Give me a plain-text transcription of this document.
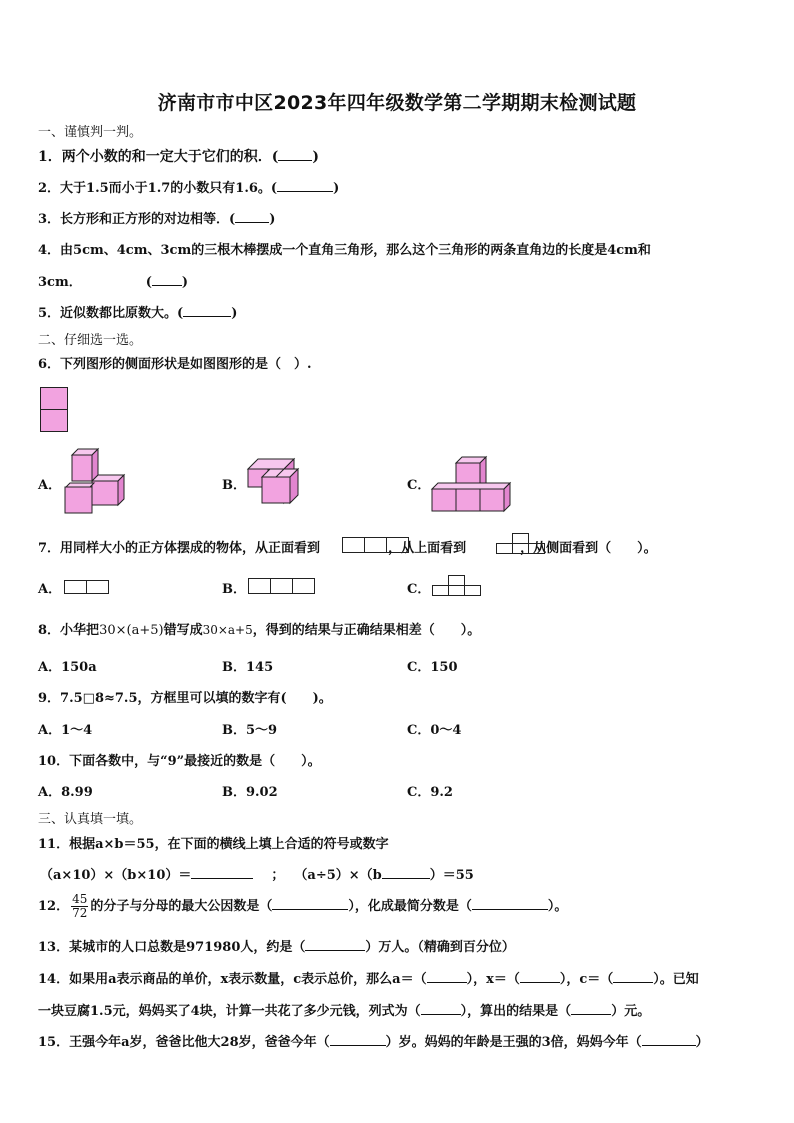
济南市市中区2023年四年级数学第二学期期末检测试题
一、谨慎判一判。
1．两个小数的和一定大于它们的积．( )
2．大于1.5而小于1.7的小数只有1.6。(	)
3．长方形和正方形的对边相等．(	)
4．由5cm、4cm、3cm的三根木棒摆成一个直角三角形，那么这个三角形的两条直角边的长度是4cm和
3cm．	( )
5．近似数都比原数大。(	)
二、仔细选一选。
6．下列图形的侧面形状是如图图形的是（　）.
A．	B．	C．
7．用同样大小的正方体摆成的物体，从正面看到	，从上面看到	，从侧面看到（　　）。
A．	B．	C．
8．小华把30×(a+5)错写成30×a+5，得到的结果与正确结果相差（　　）。
A．150a	B．145	C．150
9．7.5□8≈7.5，方框里可以填的数字有(　　)。
A．1～4	B．5～9	C．0～4
10．下面各数中，与“9”最接近的数是（　　）。
A．8.99	B．9.02	C．9.2
三、认真填一填。
11．根据a×b＝55，在下面的横线上填上合适的符号或数字
（a×10）×（b×10）＝	； （a÷5）×（b	）＝55
12． $\frac{45}{72}$ 的分子与分母的最大公因数是（	），化成最简分数是（	）。
13．某城市的人口总数是971980人，约是（	）万人。（精确到百分位）
14．如果用a表示商品的单价，x表示数量，c表示总价，那么a＝（	），x＝（	），c＝（	）。已知
一块豆腐1.5元，妈妈买了4块，计算一共花了多少元钱，列式为（	），算出的结果是（	）元。
15．王强今年a岁，爸爸比他大28岁，爸爸今年（	）岁。妈妈的年龄是王强的3倍，妈妈今年（	）
